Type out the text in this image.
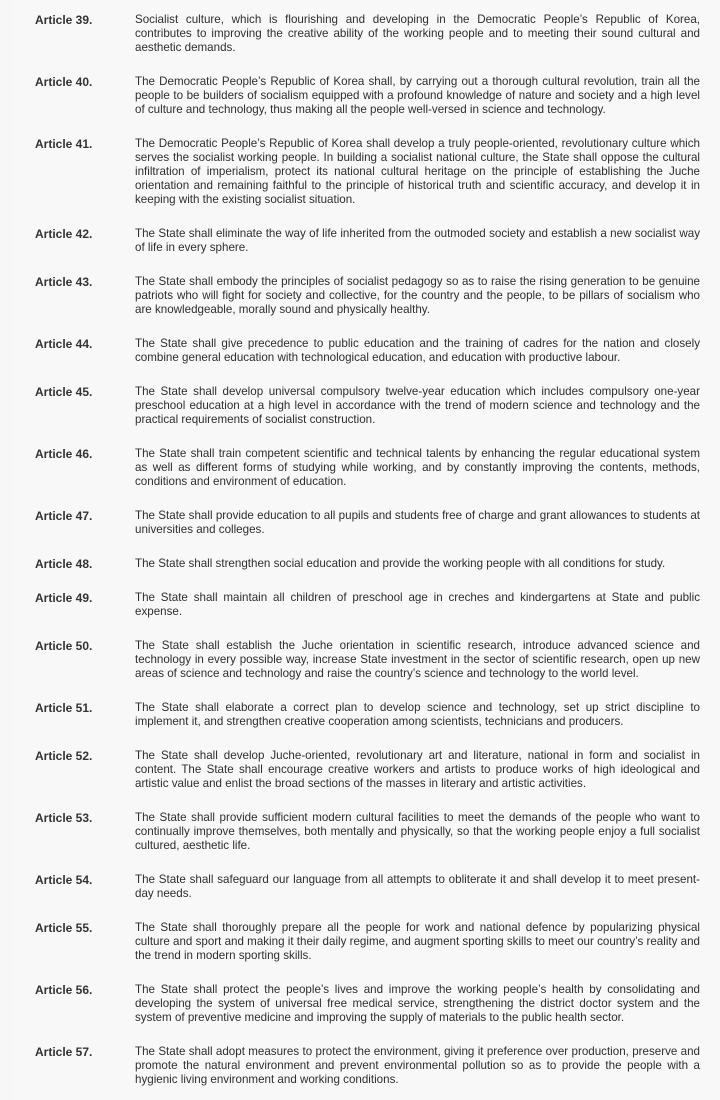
Article 39.	Socialist culture, which is flourishing and developing in the Democratic People’s Republic of Korea, contributes to improving the creative ability of the working people and to meeting their sound cultural and aesthetic demands.
Article 40.	The Democratic People’s Republic of Korea shall, by carrying out a thorough cultural revolution, train all the people to be builders of socialism equipped with a profound knowledge of nature and society and a high level of culture and technology, thus making all the people well-versed in science and technology.
Article 41.	The Democratic People’s Republic of Korea shall develop a truly people-oriented, revolutionary culture which serves the socialist working people. In building a socialist national culture, the State shall oppose the cultural infiltration of imperialism, protect its national cultural heritage on the principle of establishing the Juche orientation and remaining faithful to the principle of historical truth and scientific accuracy, and develop it in keeping with the existing socialist situation.
Article 42.	The State shall eliminate the way of life inherited from the outmoded society and establish a new socialist way of life in every sphere.
Article 43.	The State shall embody the principles of socialist pedagogy so as to raise the rising generation to be genuine patriots who will fight for society and collective, for the country and the people, to be pillars of socialism who are knowledgeable, morally sound and physically healthy.
Article 44.	The State shall give precedence to public education and the training of cadres for the nation and closely combine general education with technological education, and education with productive labour.
Article 45.	The State shall develop universal compulsory twelve-year education which includes compulsory one-year preschool education at a high level in accordance with the trend of modern science and technology and the practical requirements of socialist construction.
Article 46.	The State shall train competent scientific and technical talents by enhancing the regular educational system as well as different forms of studying while working, and by constantly improving the contents, methods, conditions and environment of education.
Article 47.	The State shall provide education to all pupils and students free of charge and grant allowances to students at universities and colleges.
Article 48.	The State shall strengthen social education and provide the working people with all conditions for study.
Article 49.	The State shall maintain all children of preschool age in creches and kindergartens at State and public expense.
Article 50.	The State shall establish the Juche orientation in scientific research, introduce advanced science and technology in every possible way, increase State investment in the sector of scientific research, open up new areas of science and technology and raise the country’s science and technology to the world level.
Article 51.	The State shall elaborate a correct plan to develop science and technology, set up strict discipline to implement it, and strengthen creative cooperation among scientists, technicians and producers.
Article 52.	The State shall develop Juche-oriented, revolutionary art and literature, national in form and socialist in content. The State shall encourage creative workers and artists to produce works of high ideological and artistic value and enlist the broad sections of the masses in literary and artistic activities.
Article 53.	The State shall provide sufficient modern cultural facilities to meet the demands of the people who want to continually improve themselves, both mentally and physically, so that the working people enjoy a full socialist cultured, aesthetic life.
Article 54.	The State shall safeguard our language from all attempts to obliterate it and shall develop it to meet present-day needs.
Article 55.	The State shall thoroughly prepare all the people for work and national defence by popularizing physical culture and sport and making it their daily regime, and augment sporting skills to meet our country’s reality and the trend in modern sporting skills.
Article 56.	The State shall protect the people’s lives and improve the working people’s health by consolidating and developing the system of universal free medical service, strengthening the district doctor system and the system of preventive medicine and improving the supply of materials to the public health sector.
Article 57.	The State shall adopt measures to protect the environment, giving it preference over production, preserve and promote the natural environment and prevent environmental pollution so as to provide the people with a hygienic living environment and working conditions.
